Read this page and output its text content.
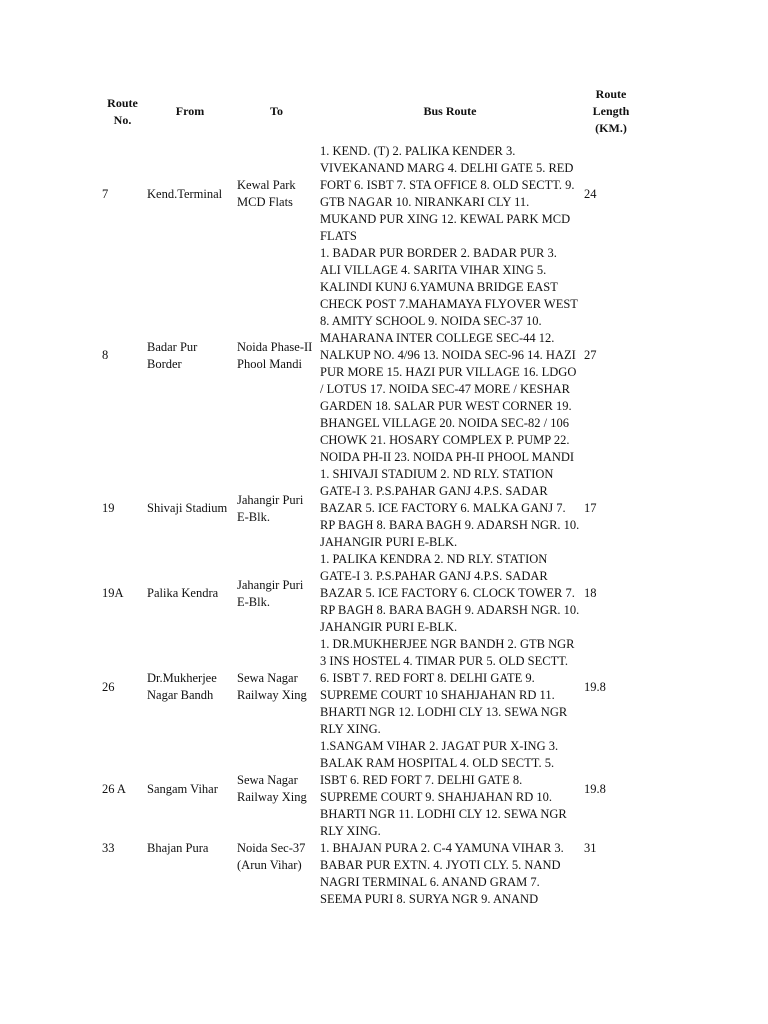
Route No.	From	To	Bus Route	Route Length (KM.)
7	Kend.Terminal	Kewal Park MCD Flats	1. KEND. (T) 2. PALIKA KENDER 3. VIVEKANAND MARG 4. DELHI GATE 5. RED FORT 6. ISBT 7. STA OFFICE 8. OLD SECTT. 9. GTB NAGAR 10. NIRANKARI CLY 11. MUKAND PUR XING 12. KEWAL PARK MCD FLATS	24
8	Badar Pur Border	Noida Phase-II Phool Mandi	1. BADAR PUR BORDER 2. BADAR PUR 3. ALI VILLAGE 4. SARITA VIHAR XING 5. KALINDI KUNJ 6.YAMUNA BRIDGE EAST CHECK POST 7.MAHAMAYA FLYOVER WEST 8. AMITY SCHOOL 9. NOIDA SEC-37 10. MAHARANA INTER COLLEGE SEC-44 12. NALKUP NO. 4/96 13. NOIDA SEC-96 14. HAZI PUR MORE 15. HAZI PUR VILLAGE 16. LDGO / LOTUS 17. NOIDA SEC-47 MORE / KESHAR GARDEN 18. SALAR PUR WEST CORNER 19. BHANGEL VILLAGE 20. NOIDA SEC-82 / 106 CHOWK 21. HOSARY COMPLEX P. PUMP 22. NOIDA PH-II 23. NOIDA PH-II PHOOL MANDI	27
19	Shivaji Stadium	Jahangir Puri E-Blk.	1. SHIVAJI STADIUM 2. ND RLY. STATION GATE-I 3. P.S.PAHAR GANJ 4.P.S. SADAR BAZAR 5. ICE FACTORY 6. MALKA GANJ 7. RP BAGH 8. BARA BAGH 9. ADARSH NGR. 10. JAHANGIR PURI E-BLK.	17
19A	Palika Kendra	Jahangir Puri E-Blk.	1. PALIKA KENDRA 2. ND RLY. STATION GATE-I 3. P.S.PAHAR GANJ 4.P.S. SADAR BAZAR 5. ICE FACTORY 6. CLOCK TOWER 7. RP BAGH 8. BARA BAGH 9. ADARSH NGR. 10. JAHANGIR PURI E-BLK.	18
26	Dr.Mukherjee Nagar Bandh	Sewa Nagar Railway Xing	1. DR.MUKHERJEE NGR BANDH 2. GTB NGR 3 INS HOSTEL 4. TIMAR PUR 5. OLD SECTT. 6. ISBT 7. RED FORT 8. DELHI GATE 9. SUPREME COURT 10 SHAHJAHAN RD 11. BHARTI NGR 12. LODHI CLY 13. SEWA NGR RLY XING.	19.8
26 A	Sangam Vihar	Sewa Nagar Railway Xing	1.SANGAM VIHAR 2. JAGAT PUR X-ING 3. BALAK RAM HOSPITAL 4. OLD SECTT. 5. ISBT 6. RED FORT 7. DELHI GATE 8. SUPREME COURT 9. SHAHJAHAN RD 10. BHARTI NGR 11. LODHI CLY 12. SEWA NGR RLY XING.	19.8
33	Bhajan Pura	Noida Sec-37 (Arun Vihar)	1. BHAJAN PURA 2. C-4 YAMUNA VIHAR 3. BABAR PUR EXTN. 4. JYOTI CLY. 5. NAND NAGRI TERMINAL 6. ANAND GRAM 7. SEEMA PURI 8. SURYA NGR 9. ANAND	31
